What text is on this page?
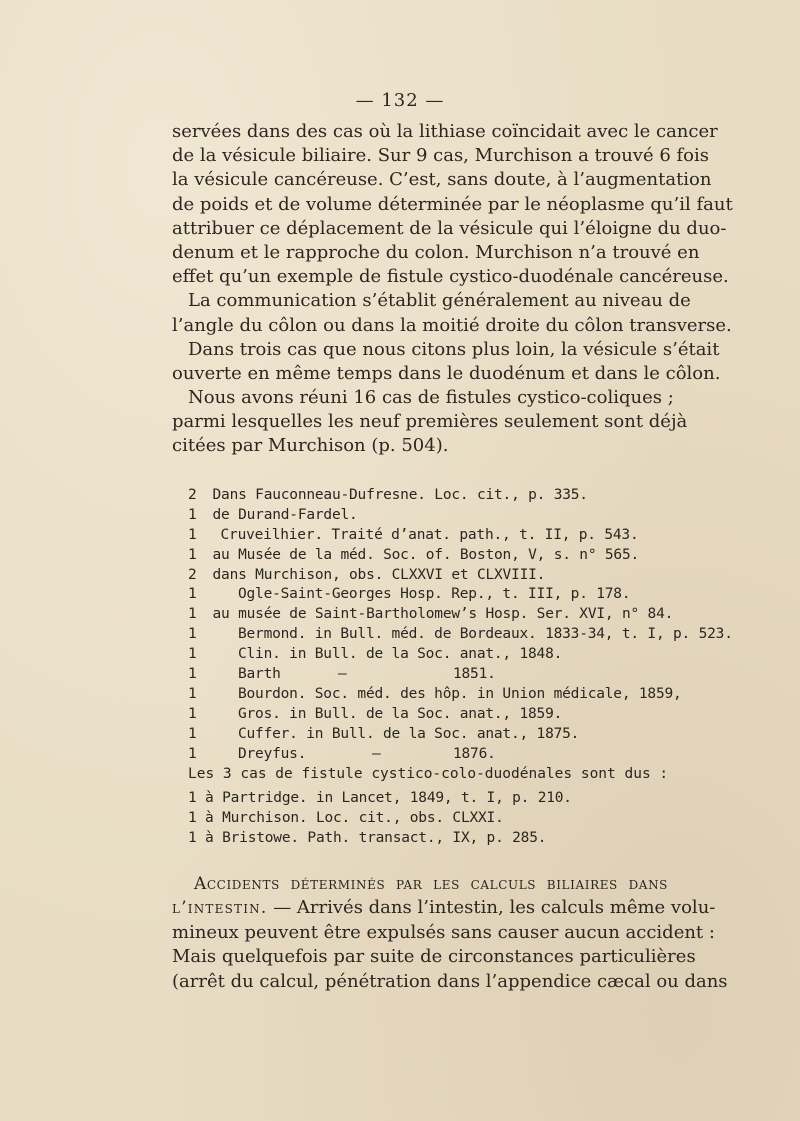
— 132 —
servées dans des cas où la lithiase coïncidait avec le cancer
de la vésicule biliaire. Sur 9 cas, Murchison a trouvé 6 fois
la vésicule cancéreuse. C’est, sans doute, à l’augmentation
de poids et de volume déterminée par le néoplasme qu’il faut
attribuer ce déplacement de la vésicule qui l’éloigne du duo-
denum et le rapproche du colon. Murchison n’a trouvé en
effet qu’un exemple de fistule cystico-duodénale cancéreuse.
La communication s’établit généralement au niveau de
l’angle du côlon ou dans la moitié droite du côlon transverse.
Dans trois cas que nous citons plus loin, la vésicule s’était
ouverte en même temps dans le duodénum et dans le côlon.
Nous avons réuni 16 cas de fistules cystico-coliques ;
parmi lesquelles les neuf premières seulement sont déjà
citées par Murchison (p. 504).
2 Dans Fauconneau-Dufresne. Loc. cit., p. 335.
1 de Durand-Fardel.
1 Cruveilhier. Traité d’anat. path., t. II, p. 543.
1 au Musée de la méd. Soc. of. Boston, V, s. n° 565.
2 dans Murchison, obs. CLXXVI et CLXVIII.
1	Ogle-Saint-Georges Hosp. Rep., t. III, p. 178.
1 au musée de Saint-Bartholomew’s Hosp. Ser. XVI, n° 84.
1	Bermond. in Bull. méd. de Bordeaux. 1833-34, t. I, p. 523.
1	Clin. in Bull. de la Soc. anat., 1848.
1	Barth	—	1851.
1	Bourdon. Soc. méd. des hôp. in Union médicale, 1859,
1	Gros. in Bull. de la Soc. anat., 1859.
1	Cuffer. in Bull. de la Soc. anat., 1875.
1	Dreyfus.	—	1876.
Les 3 cas de fistule cystico-colo-duodénales sont dus :
1 à Partridge. in Lancet, 1849, t. I, p. 210.
1 à Murchison. Loc. cit., obs. CLXXI.
1 à Bristowe. Path. transact., IX, p. 285.
Accidents déterminés par les calculs biliaires dans
l’intestin. — Arrivés dans l’intestin, les calculs même volu-
mineux peuvent être expulsés sans causer aucun accident :
Mais quelquefois par suite de circonstances particulières
(arrêt du calcul, pénétration dans l’appendice cæcal ou dans
